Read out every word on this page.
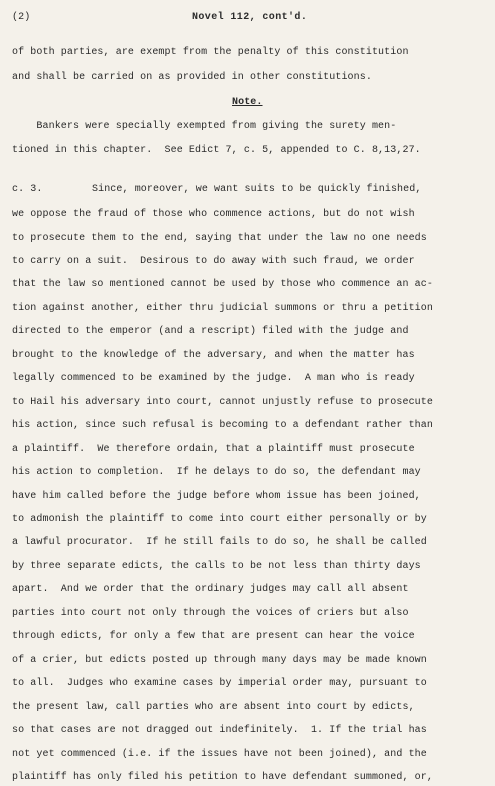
(2)	Novel 112, cont'd.
of both parties, are exempt from the penalty of this constitution
and shall be carried on as provided in other constitutions.
Note.
Bankers were specially exempted from giving the surety men-
tioned in this chapter.  See Edict 7, c. 5, appended to C. 8,13,27.
c. 3.	Since, moreover, we want suits to be quickly finished,
we oppose the fraud of those who commence actions, but do not wish
to prosecute them to the end, saying that under the law no one needs
to carry on a suit.  Desirous to do away with such fraud, we order
that the law so mentioned cannot be used by those who commence an ac-
tion against another, either thru judicial summons or thru a petition
directed to the emperor (and a rescript) filed with the judge and
brought to the knowledge of the adversary, and when the matter has
legally commenced to be examined by the judge.  A man who is ready
to Hail his adversary into court, cannot unjustly refuse to prosecute
his action, since such refusal is becoming to a defendant rather than
a plaintiff.  We therefore ordain, that a plaintiff must prosecute
his action to completion.  If he delays to do so, the defendant may
have him called before the judge before whom issue has been joined,
to admonish the plaintiff to come into court either personally or by
a lawful procurator.  If he still fails to do so, he shall be called
by three separate edicts, the calls to be not less than thirty days
apart.  And we order that the ordinary judges may call all absent
parties into court not only through the voices of criers but also
through edicts, for only a few that are present can hear the voice
of a crier, but edicts posted up through many days may be made known
to all.  Judges who examine cases by imperial order may, pursuant to
the present law, call parties who are absent into court by edicts,
so that cases are not dragged out indefinitely.  1. If the trial has
not yet commenced (i.e. if the issues have not been joined), and the
plaintiff has only filed his petition to have defendant summoned, or,
